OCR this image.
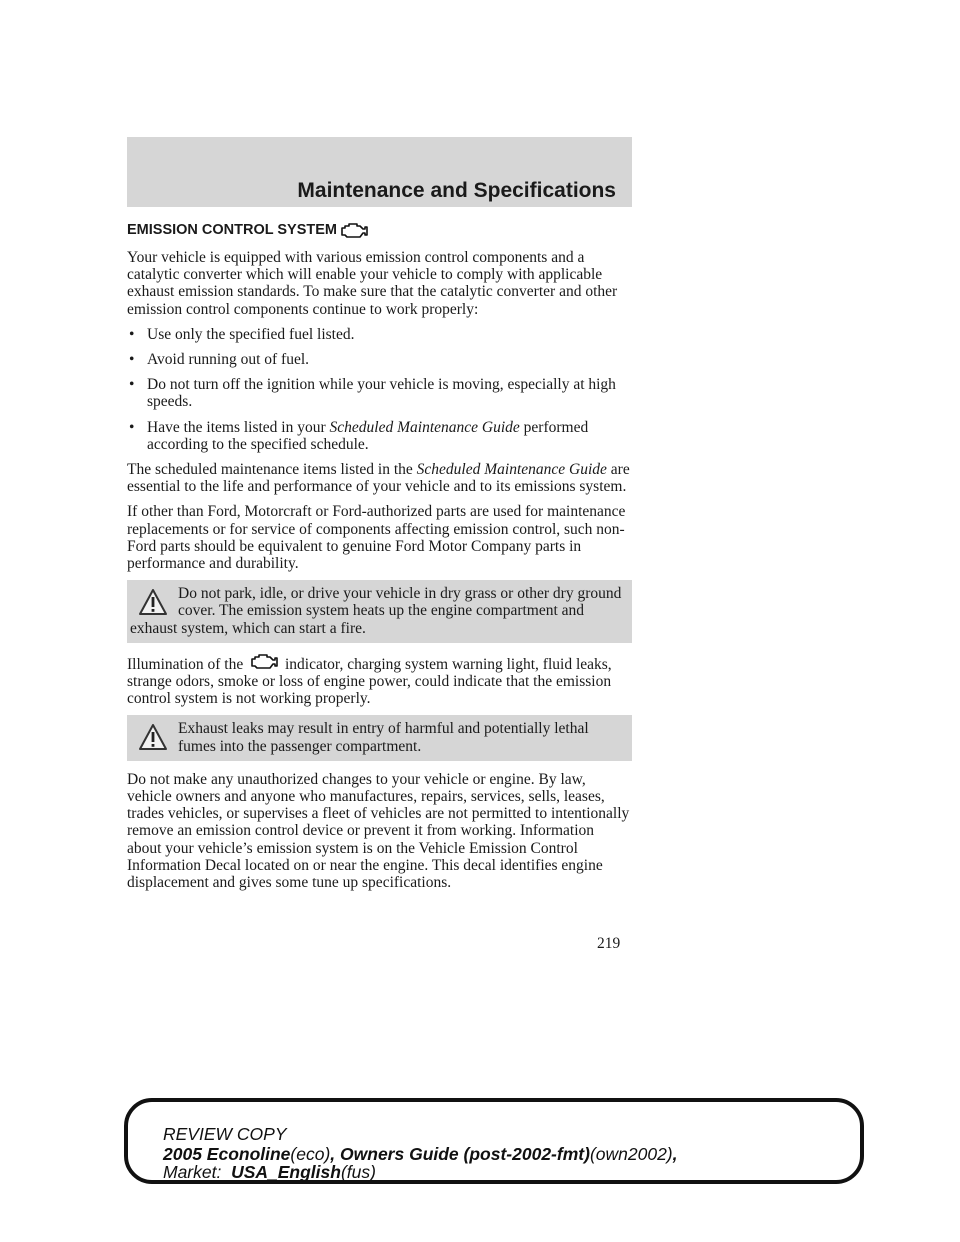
Maintenance and Specifications
EMISSION CONTROL SYSTEM

Your vehicle is equipped with various emission control components and a catalytic converter which will enable your vehicle to comply with applicable exhaust emission standards. To make sure that the catalytic converter and other emission control components continue to work properly:

• Use only the specified fuel listed.
• Avoid running out of fuel.
• Do not turn off the ignition while your vehicle is moving, especially at high speeds.
• Have the items listed in your Scheduled Maintenance Guide performed according to the specified schedule.

The scheduled maintenance items listed in the Scheduled Maintenance Guide are essential to the life and performance of your vehicle and to its emissions system.

If other than Ford, Motorcraft or Ford-authorized parts are used for maintenance replacements or for service of components affecting emission control, such non-Ford parts should be equivalent to genuine Ford Motor Company parts in performance and durability.

Do not park, idle, or drive your vehicle in dry grass or other dry ground cover. The emission system heats up the engine compartment and exhaust system, which can start a fire.

Illumination of the  indicator, charging system warning light, fluid leaks, strange odors, smoke or loss of engine power, could indicate that the emission control system is not working properly.

Exhaust leaks may result in entry of harmful and potentially lethal fumes into the passenger compartment.

Do not make any unauthorized changes to your vehicle or engine. By law, vehicle owners and anyone who manufactures, repairs, services, sells, leases, trades vehicles, or supervises a fleet of vehicles are not permitted to intentionally remove an emission control device or prevent it from working. Information about your vehicle’s emission system is on the Vehicle Emission Control Information Decal located on or near the engine. This decal identifies engine displacement and gives some tune up specifications.

219
REVIEW COPY
2005 Econoline(eco), Owners Guide (post-2002-fmt)(own2002),
Market:  USA_English(fus)
